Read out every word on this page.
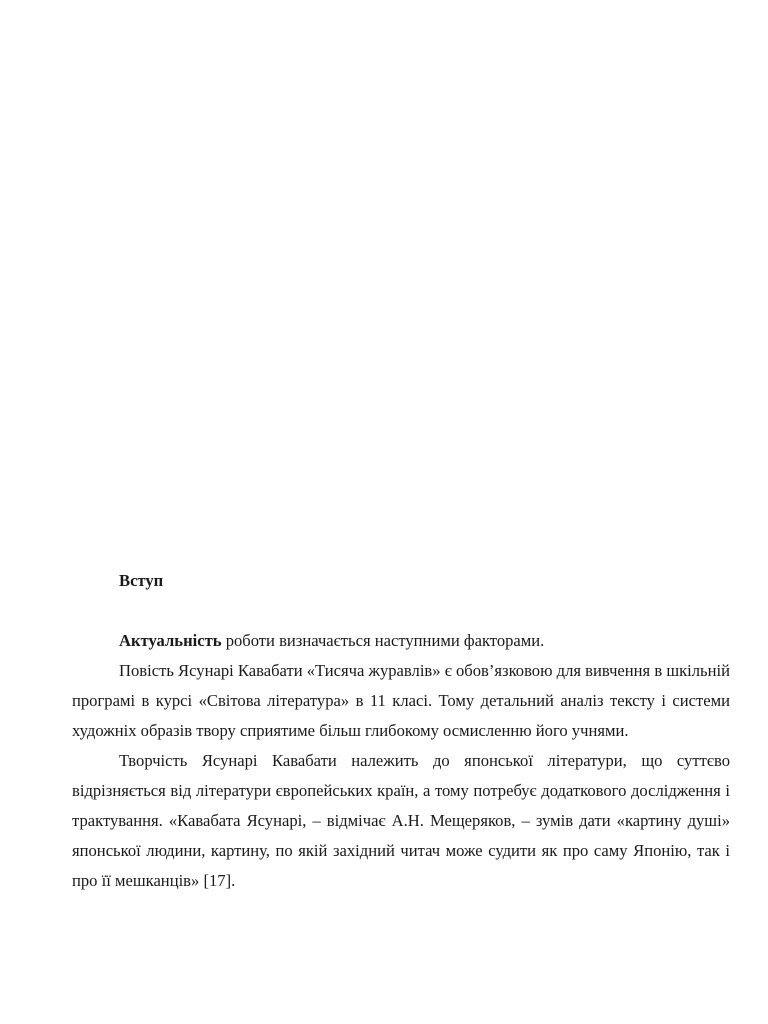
Вступ

Актуальність роботи визначається наступними факторами.

Повість Ясунарі Кавабати «Тисяча журавлів» є обов’язковою для вивчення в шкільній програмі в курсі «Світова література» в 11 класі. Тому детальний аналіз тексту і системи художніх образів твору сприятиме більш глибокому осмисленню його учнями.

Творчість Ясунарі Кавабати належить до японської літератури, що суттєво відрізняється від літератури європейських країн, а тому потребує додаткового дослідження і трактування. «Кавабата Ясунарі, – відмічає А.Н. Мещеряков, – зумів дати «картину душі» японської людини, картину, по якій західний читач може судити як про саму Японію, так і про її мешканців» [17].
